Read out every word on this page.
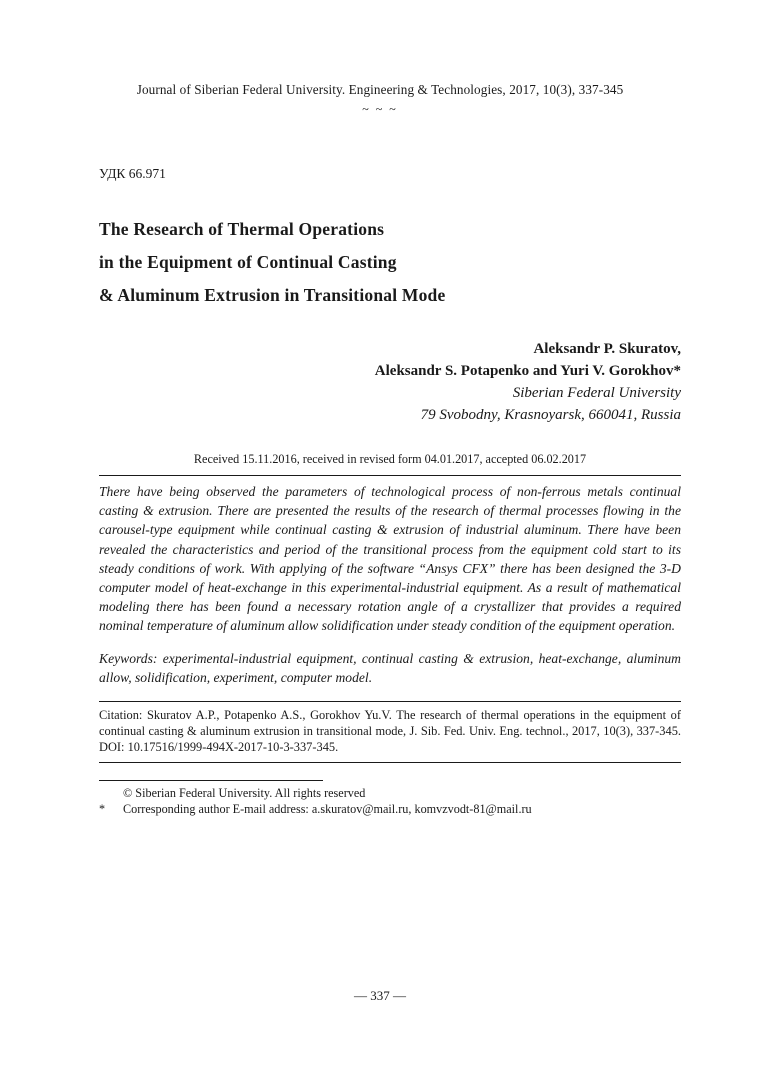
Journal of Siberian Federal University. Engineering & Technologies, 2017, 10(3), 337-345
~ ~ ~
УДК 66.971
The Research of Thermal Operations
in the Equipment of Continual Casting
& Aluminum Extrusion in Transitional Mode
Aleksandr P. Skuratov,
Aleksandr S. Potapenko and Yuri V. Gorokhov*
Siberian Federal University
79 Svobodny, Krasnoyarsk, 660041, Russia
Received 15.11.2016, received in revised form 04.01.2017, accepted 06.02.2017
There have being observed the parameters of technological process of non-ferrous metals continual casting & extrusion. There are presented the results of the research of thermal processes flowing in the carousel-type equipment while continual casting & extrusion of industrial aluminum. There have been revealed the characteristics and period of the transitional process from the equipment cold start to its steady conditions of work. With applying of the software “Ansys CFX” there has been designed the 3-D computer model of heat-exchange in this experimental-industrial equipment. As a result of mathematical modeling there has been found a necessary rotation angle of a crystallizer that provides a required nominal temperature of aluminum allow solidification under steady condition of the equipment operation.
Keywords: experimental-industrial equipment, continual casting & extrusion, heat-exchange, aluminum allow, solidification, experiment, computer model.
Citation: Skuratov A.P., Potapenko A.S., Gorokhov Yu.V. The research of thermal operations in the equipment of continual casting & aluminum extrusion in transitional mode, J. Sib. Fed. Univ. Eng. technol., 2017, 10(3), 337-345. DOI: 10.17516/1999-494X-2017-10-3-337-345.
© Siberian Federal University. All rights reserved
*	Corresponding author E-mail address: a.skuratov@mail.ru, komvzvodt-81@mail.ru
— 337 —
